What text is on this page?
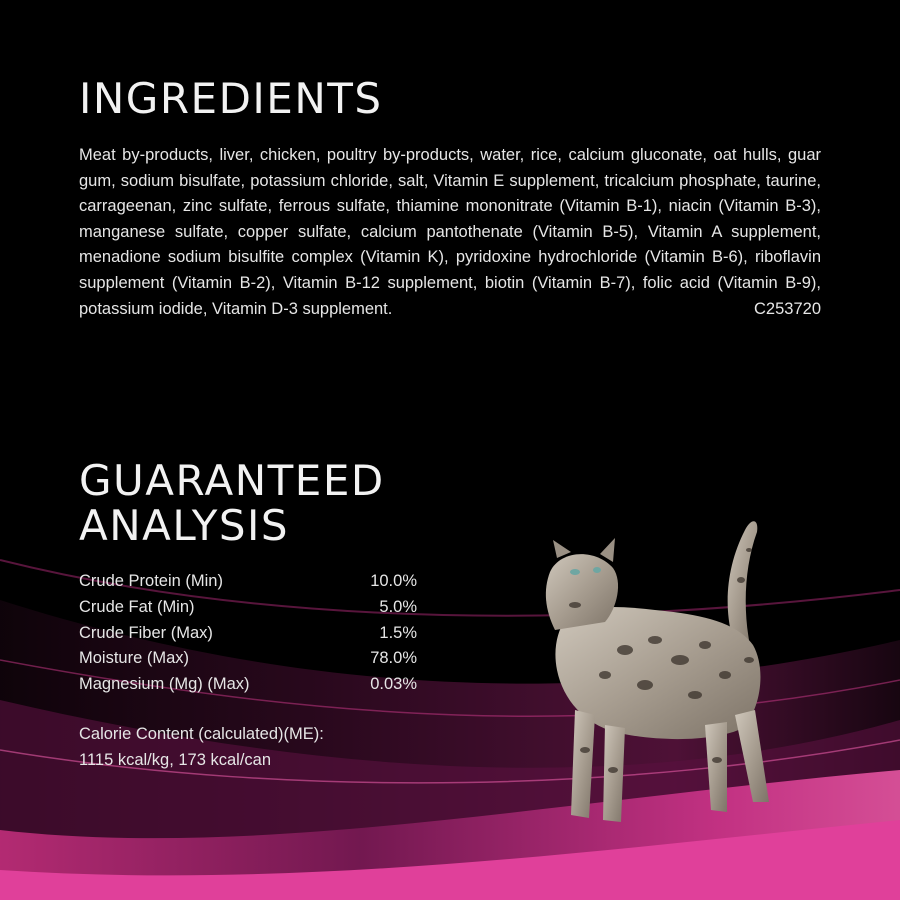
INGREDIENTS

Meat by-products, liver, chicken, poultry by-products, water, rice, calcium gluconate, oat hulls, guar gum, sodium bisulfate, potassium chloride, salt, Vitamin E supplement, tricalcium phosphate, taurine, carrageenan, zinc sulfate, ferrous sulfate, thiamine mononitrate (Vitamin B-1), niacin (Vitamin B-3), manganese sulfate, copper sulfate, calcium pantothenate (Vitamin B-5), Vitamin A supplement, menadione sodium bisulfite complex (Vitamin K), pyridoxine hydrochloride (Vitamin B-6), riboflavin supplement (Vitamin B-2), Vitamin B-12 supplement, biotin (Vitamin B-7), folic acid (Vitamin B-9), potassium iodide, Vitamin D-3 supplement.	C253720

GUARANTEED
ANALYSIS
Crude Protein (Min)	10.0%
Crude Fat (Min)	5.0%
Crude Fiber (Max)	1.5%
Moisture (Max)	78.0%
Magnesium (Mg) (Max)	0.03%
Calorie Content (calculated)(ME):
1115 kcal/kg, 173 kcal/can
